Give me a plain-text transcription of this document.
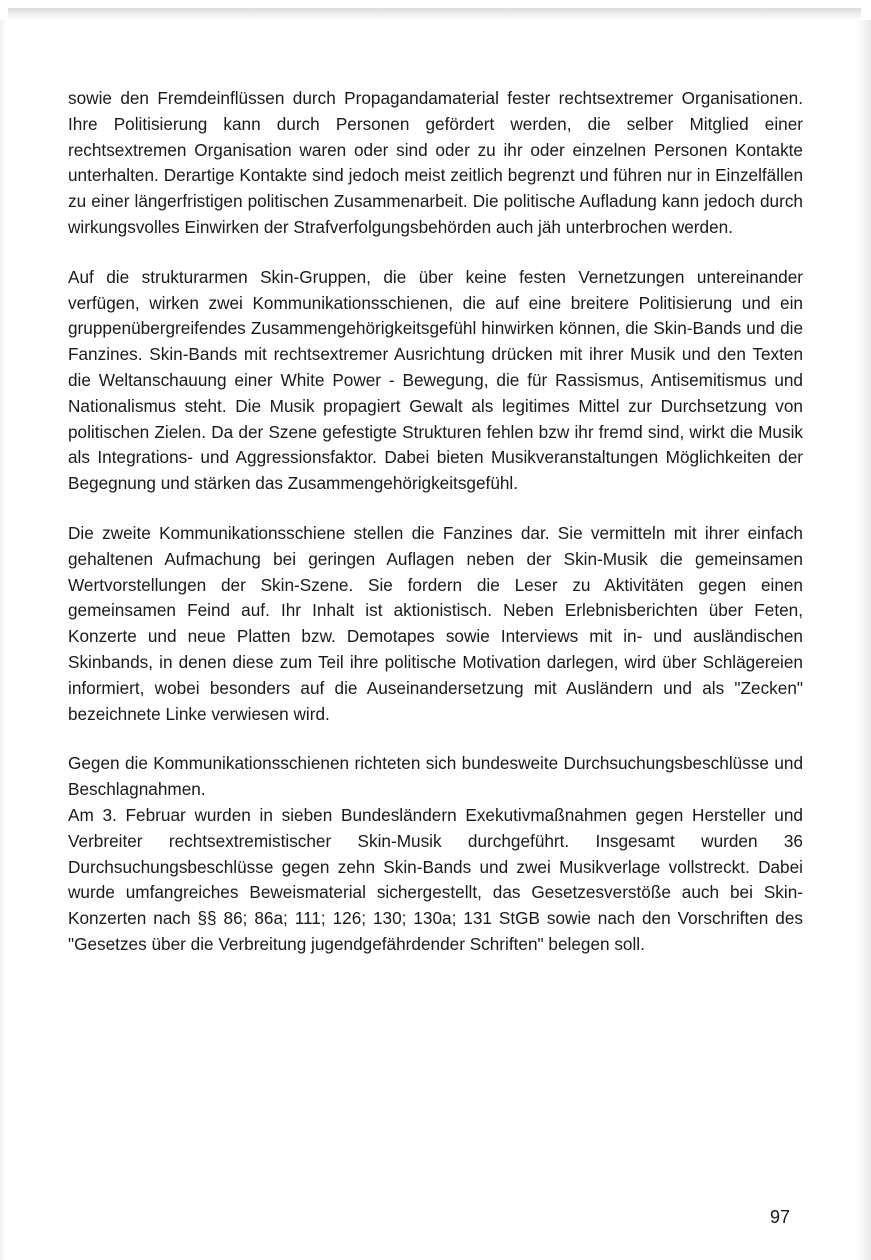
sowie den Fremdeinflüssen durch Propagandamaterial fester rechtsextremer Organisationen. Ihre Politisierung kann durch Personen gefördert werden, die selber Mitglied einer rechtsextremen Organisation waren oder sind oder zu ihr oder einzelnen Personen Kontakte unterhalten. Derartige Kontakte sind jedoch meist zeitlich begrenzt und führen nur in Einzelfällen zu einer längerfristigen politischen Zusammenarbeit. Die politische Aufladung kann jedoch durch wirkungsvolles Einwirken der Strafverfolgungsbehörden auch jäh unterbrochen werden.

Auf die strukturarmen Skin-Gruppen, die über keine festen Vernetzungen untereinander verfügen, wirken zwei Kommunikationsschienen, die auf eine breitere Politisierung und ein gruppenübergreifendes Zusammengehörigkeitsgefühl hinwirken können, die Skin-Bands und die Fanzines. Skin-Bands mit rechtsextremer Ausrichtung drücken mit ihrer Musik und den Texten die Weltanschauung einer White Power - Bewegung, die für Rassismus, Antisemitismus und Nationalismus steht. Die Musik propagiert Gewalt als legitimes Mittel zur Durchsetzung von politischen Zielen. Da der Szene gefestigte Strukturen fehlen bzw ihr fremd sind, wirkt die Musik als Integrations- und Aggressionsfaktor. Dabei bieten Musikveranstaltungen Möglichkeiten der Begegnung und stärken das Zusammengehörigkeitsgefühl.

Die zweite Kommunikationsschiene stellen die Fanzines dar. Sie vermitteln mit ihrer einfach gehaltenen Aufmachung bei geringen Auflagen neben der Skin-Musik die gemeinsamen Wertvorstellungen der Skin-Szene. Sie fordern die Leser zu Aktivitäten gegen einen gemeinsamen Feind auf. Ihr Inhalt ist aktionistisch. Neben Erlebnisberichten über Feten, Konzerte und neue Platten bzw. Demotapes sowie Interviews mit in- und ausländischen Skinbands, in denen diese zum Teil ihre politische Motivation darlegen, wird über Schlägereien informiert, wobei besonders auf die Auseinandersetzung mit Ausländern und als "Zecken" bezeichnete Linke verwiesen wird.

Gegen die Kommunikationsschienen richteten sich bundesweite Durchsuchungsbeschlüsse und Beschlagnahmen.

Am 3. Februar wurden in sieben Bundesländern Exekutivmaßnahmen gegen Hersteller und Verbreiter rechtsextremistischer Skin-Musik durchgeführt. Insgesamt wurden 36 Durchsuchungsbeschlüsse gegen zehn Skin-Bands und zwei Musikverlage vollstreckt. Dabei wurde umfangreiches Beweismaterial sichergestellt, das Gesetzesverstöße auch bei Skin-Konzerten nach §§ 86; 86a; 111; 126; 130; 130a; 131 StGB sowie nach den Vorschriften des "Gesetzes über die Verbreitung jugendgefährdender Schriften" belegen soll.

97
